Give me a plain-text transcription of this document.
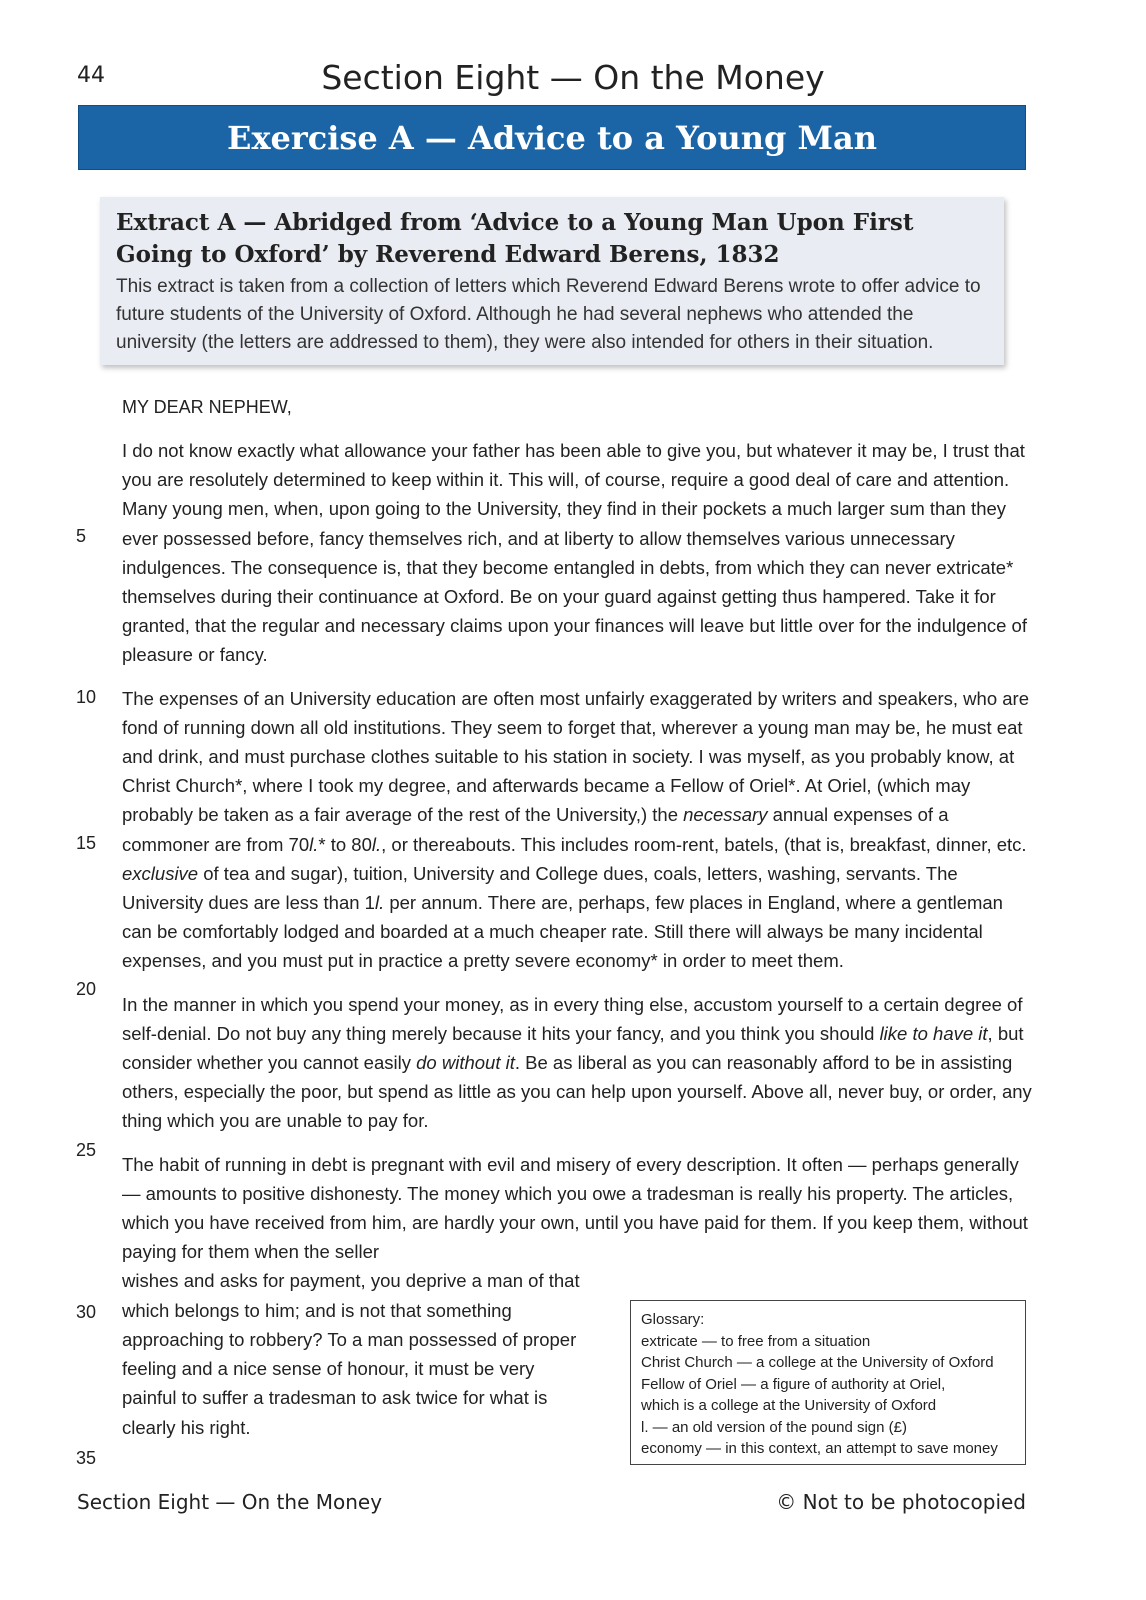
44	Section Eight — On the Money
Exercise A — Advice to a Young Man

Extract A — Abridged from ‘Advice to a Young Man Upon First
Going to Oxford’ by Reverend Edward Berens, 1832

This extract is taken from a collection of letters which Reverend Edward Berens wrote to offer advice to future students of the University of Oxford. Although he had several nephews who attended the university (the letters are addressed to them), they were also intended for others in their situation.

MY DEAR NEPHEW,

I do not know exactly what allowance your father has been able to give you, but whatever it may be, I trust that you are resolutely determined to keep within it. This will, of course, require a good deal of care and attention. Many young men, when, upon going to the University, they find in their pockets a much larger sum than they ever possessed before, fancy themselves rich, and at liberty to allow themselves various unnecessary indulgences. The consequence is, that they become entangled in debts, from which they can never extricate* themselves during their continuance at Oxford. Be on your guard against getting thus hampered. Take it for granted, that the regular and necessary claims upon your finances will leave but little over for the indulgence of pleasure or fancy.

The expenses of an University education are often most unfairly exaggerated by writers and speakers, who are fond of running down all old institutions. They seem to forget that, wherever a young man may be, he must eat and drink, and must purchase clothes suitable to his station in society. I was myself, as you probably know, at Christ Church*, where I took my degree, and afterwards became a Fellow of Oriel*. At Oriel, (which may probably be taken as a fair average of the rest of the University,) the necessary annual expenses of a commoner are from 70l.* to 80l., or thereabouts. This includes room-rent, batels, (that is, breakfast, dinner, etc. exclusive of tea and sugar), tuition, University and College dues, coals, letters, washing, servants. The University dues are less than 1l. per annum. There are, perhaps, few places in England, where a gentleman can be comfortably lodged and boarded at a much cheaper rate. Still there will always be many incidental expenses, and you must put in practice a pretty severe economy* in order to meet them.

In the manner in which you spend your money, as in every thing else, accustom yourself to a certain degree of self-denial. Do not buy any thing merely because it hits your fancy, and you think you should like to have it, but consider whether you cannot easily do without it. Be as liberal as you can reasonably afford to be in assisting others, especially the poor, but spend as little as you can help upon yourself. Above all, never buy, or order, any thing which you are unable to pay for.

The habit of running in debt is pregnant with evil and misery of every description. It often — perhaps generally — amounts to positive dishonesty. The money which you owe a tradesman is really his property. The articles, which you have received from him, are hardly your own, until you have paid for them. If you keep them, without paying for them when the seller

wishes and asks for payment, you deprive a man of that which belongs to him; and is not that something approaching to robbery? To a man possessed of proper feeling and a nice sense of honour, it must be very painful to suffer a tradesman to ask twice for what is clearly his right.

5
10
15
20
25
30
35
Glossary:
extricate — to free from a situation
Christ Church — a college at the University of Oxford
Fellow of Oriel — a figure of authority at Oriel,
which is a college at the University of Oxford
l. — an old version of the pound sign (£)
economy — in this context, an attempt to save money
Section Eight — On the Money	© Not to be photocopied
